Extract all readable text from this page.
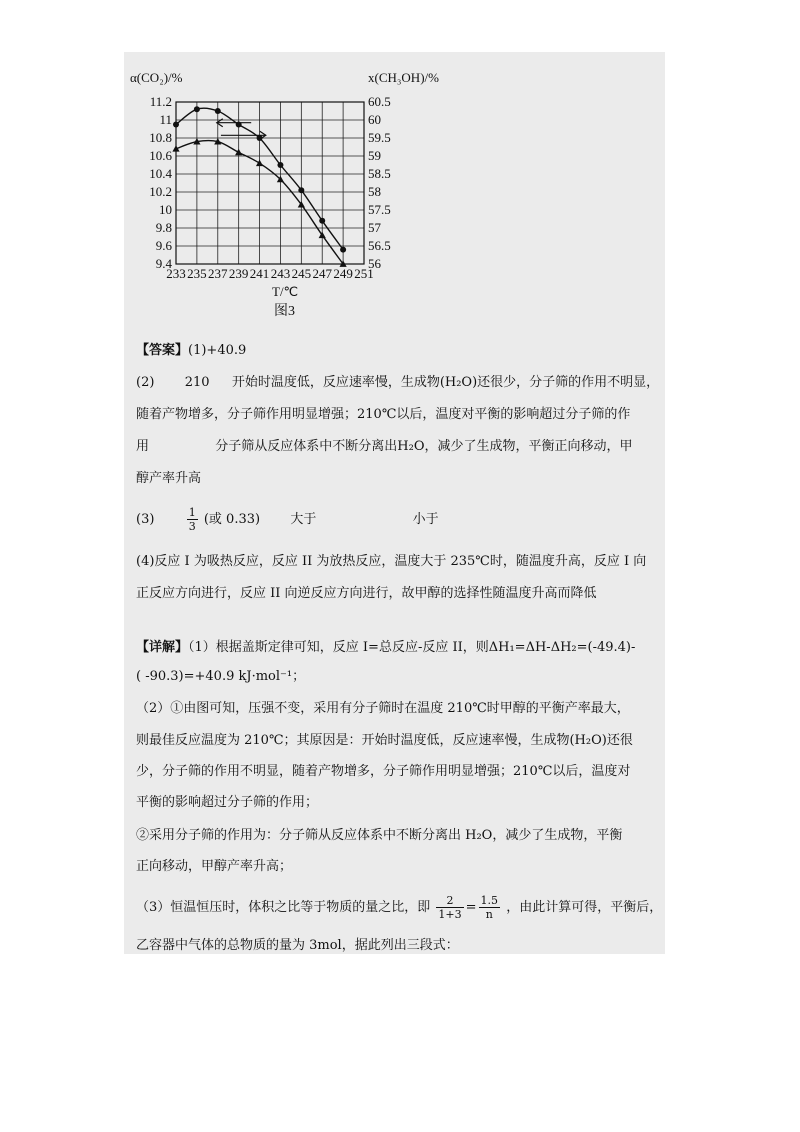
233 235 237 239 241 243 245 247 249 251
11.2	60.5
11	60
10.8	59.5
10.6	59
10.4	58.5
10.2	58
10	57.5
9.8	57
9.6	56.5
9.4	56
α(CO₂)/%	x(CH₃OH)/%
T/℃
图3
【答案】(1)+40.9
(2) 210 开始时温度低，反应速率慢，生成物(H₂O)还很少，分子筛的作用不明显，
随着产物增多，分子筛作用明显增强；210℃以后，温度对平衡的影响超过分子筛的作
用	分子筛从反应体系中不断分离出H₂O，减少了生成物，平衡正向移动，甲
醇产率升高
(3)	$\frac{1}{3}$ (或 0.33) 大于	小于
(4)反应 I 为吸热反应，反应 II 为放热反应，温度大于 235℃时，随温度升高，反应 I 向
正反应方向进行，反应 II 向逆反应方向进行，故甲醇的选择性随温度升高而降低
【详解】（1）根据盖斯定律可知，反应 I=总反应-反应 II，则ΔH₁=ΔH-ΔH₂=(-49.4)-
( -90.3)=+40.9 kJ·mol⁻¹；
（2）①由图可知，压强不变，采用有分子筛时在温度 210℃时甲醇的平衡产率最大，
则最佳反应温度为 210℃；其原因是：开始时温度低，反应速率慢，生成物(H₂O)还很
少，分子筛的作用不明显，随着产物增多，分子筛作用明显增强；210℃以后，温度对
平衡的影响超过分子筛的作用；
②采用分子筛的作用为：分子筛从反应体系中不断分离出 H₂O，减少了生成物，平衡
正向移动，甲醇产率升高；
（3）恒温恒压时，体积之比等于物质的量之比，即 $\frac{2}{1+3} = \frac{1.5}{n}$ ，由此计算可得，平衡后，
乙容器中气体的总物质的量为 3mol，据此列出三段式：
